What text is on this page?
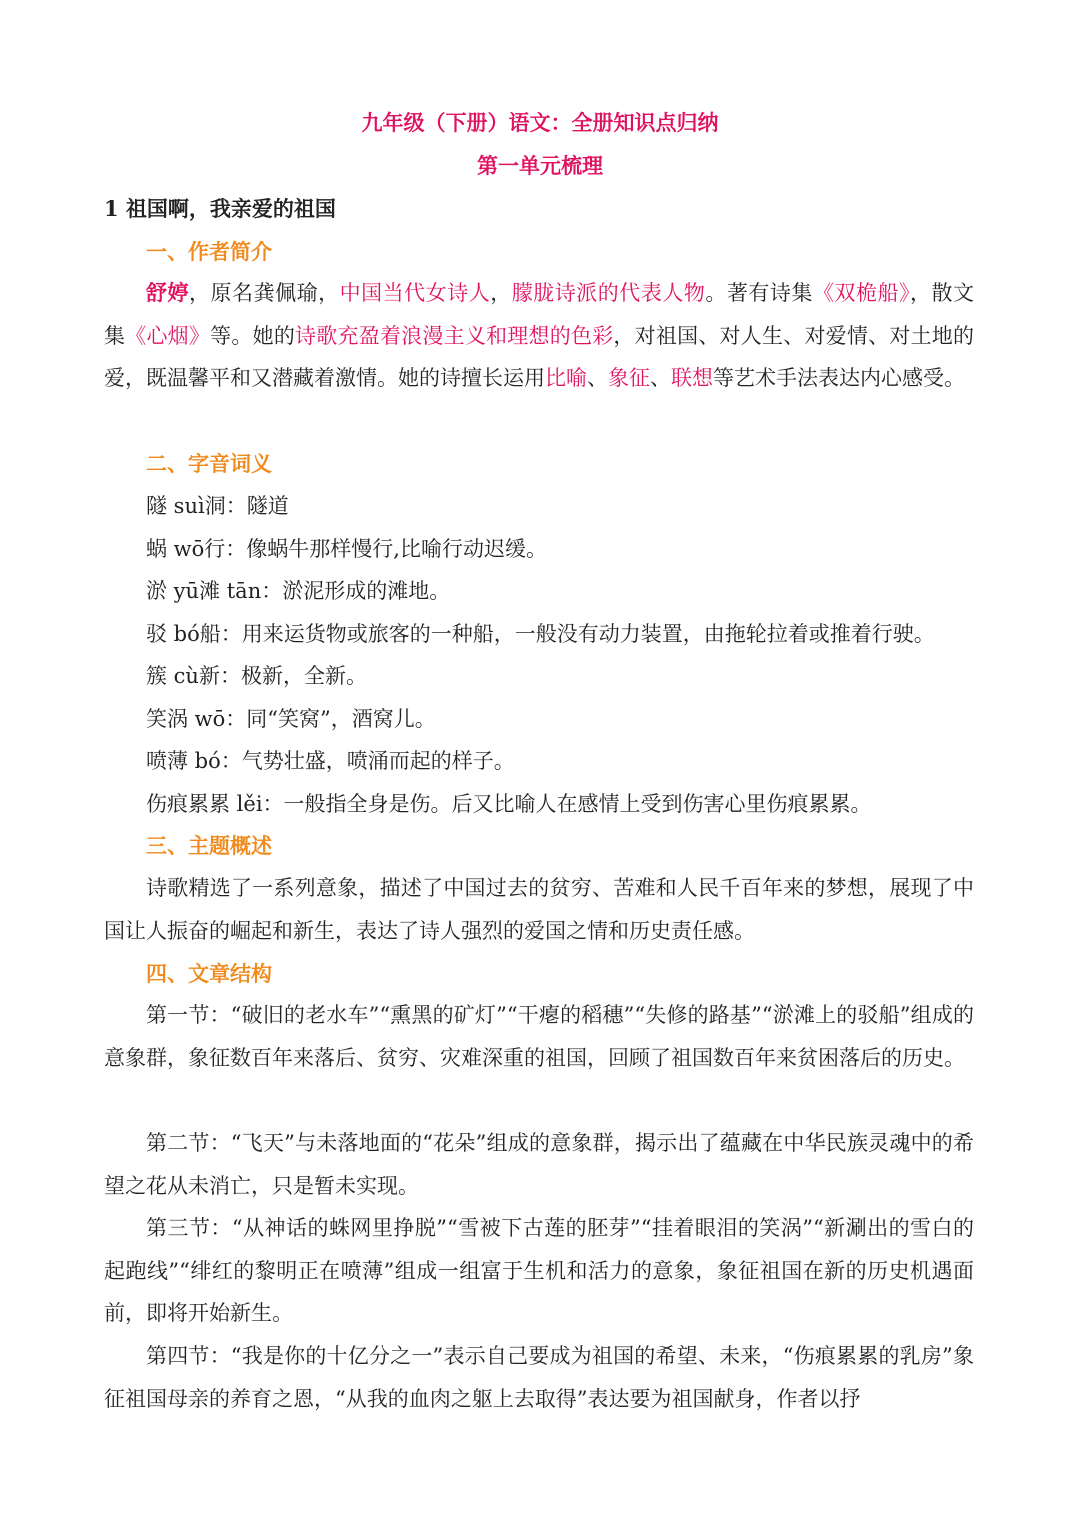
九年级（下册）语文：全册知识点归纳
第一单元梳理
1 祖国啊，我亲爱的祖国
一、作者简介

舒婷，原名龚佩瑜，中国当代女诗人，朦胧诗派的代表人物。著有诗集《双桅船》，散文集《心烟》等。她的诗歌充盈着浪漫主义和理想的色彩，对祖国、对人生、对爱情、对土地的爱，既温馨平和又潜藏着激情。她的诗擅长运用比喻、象征、联想等艺术手法表达内心感受。

二、字音词义
隧 suì洞：隧道
蜗 wō行：像蜗牛那样慢行,比喻行动迟缓。
淤 yū滩 tān：淤泥形成的滩地。
驳 bó船：用来运货物或旅客的一种船，一般没有动力装置，由拖轮拉着或推着行驶。
簇 cù新：极新，全新。
笑涡 wō：同“笑窝”，酒窝儿。
喷薄 bó：气势壮盛，喷涌而起的样子。
伤痕累累 lěi：一般指全身是伤。后又比喻人在感情上受到伤害心里伤痕累累。
三、主题概述

诗歌精选了一系列意象，描述了中国过去的贫穷、苦难和人民千百年来的梦想，展现了中国让人振奋的崛起和新生，表达了诗人强烈的爱国之情和历史责任感。

四、文章结构

第一节：“破旧的老水车”“熏黑的矿灯”“干瘪的稻穗”“失修的路基”“淤滩上的驳船”组成的意象群，象征数百年来落后、贫穷、灾难深重的祖国，回顾了祖国数百年来贫困落后的历史。

第二节：“飞天”与未落地面的“花朵”组成的意象群，揭示出了蕴藏在中华民族灵魂中的希望之花从未消亡，只是暂未实现。

第三节：“从神话的蛛网里挣脱”“雪被下古莲的胚芽”“挂着眼泪的笑涡”“新涮出的雪白的起跑线”“绯红的黎明正在喷薄”组成一组富于生机和活力的意象，象征祖国在新的历史机遇面前，即将开始新生。

第四节：“我是你的十亿分之一”表示自己要成为祖国的希望、未来，“伤痕累累的乳房”象征祖国母亲的养育之恩，“从我的血肉之躯上去取得”表达要为祖国献身，作者以抒
